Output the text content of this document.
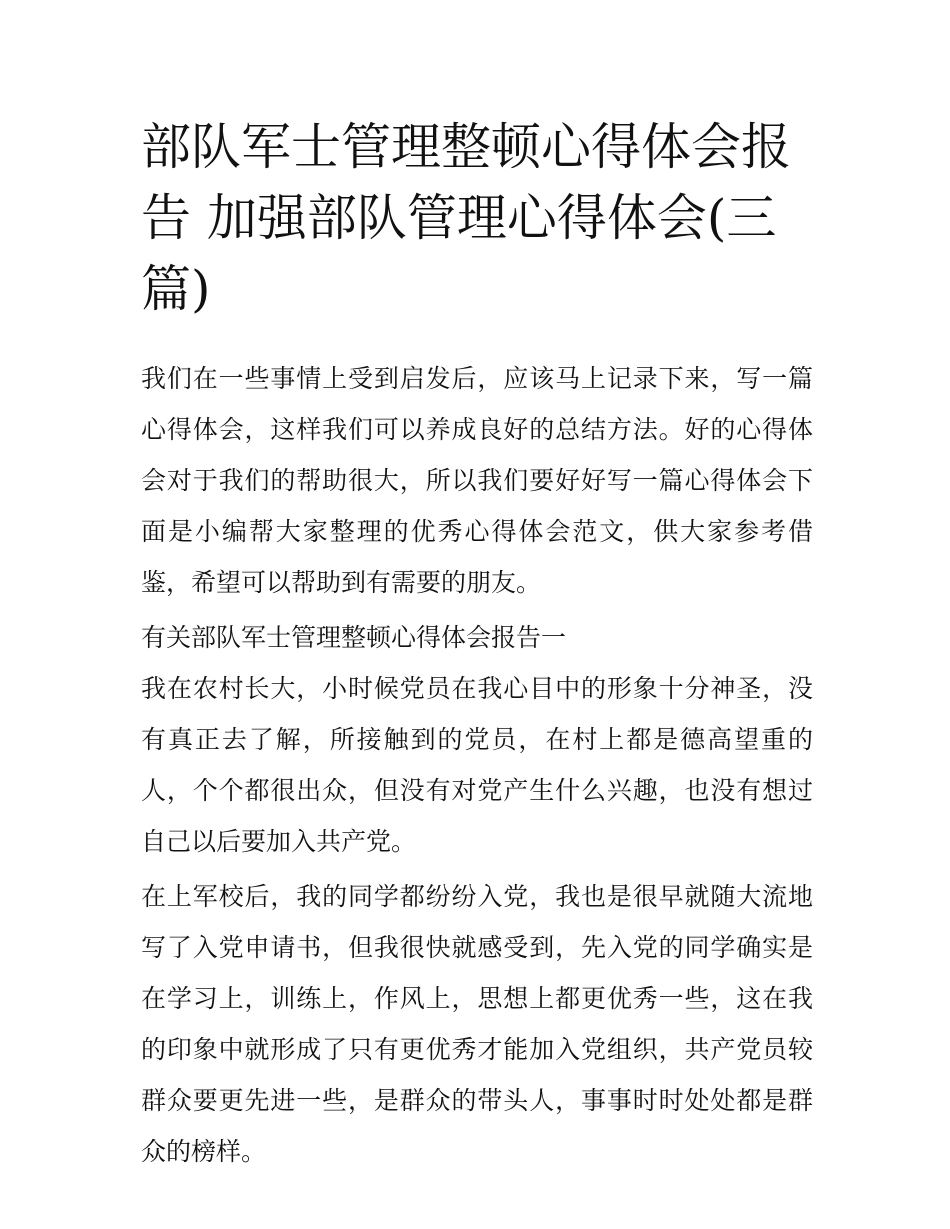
部队军士管理整顿心得体会报告 加强部队管理心得体会(三篇)

我们在一些事情上受到启发后，应该马上记录下来，写一篇心得体会，这样我们可以养成良好的总结方法。好的心得体会对于我们的帮助很大，所以我们要好好写一篇心得体会下面是小编帮大家整理的优秀心得体会范文，供大家参考借鉴，希望可以帮助到有需要的朋友。

有关部队军士管理整顿心得体会报告一

我在农村长大，小时候党员在我心目中的形象十分神圣，没有真正去了解，所接触到的党员，在村上都是德高望重的人，个个都很出众，但没有对党产生什么兴趣，也没有想过自己以后要加入共产党。

在上军校后，我的同学都纷纷入党，我也是很早就随大流地写了入党申请书，但我很快就感受到，先入党的同学确实是在学习上，训练上，作风上，思想上都更优秀一些，这在我的印象中就形成了只有更优秀才能加入党组织，共产党员较群众要更先进一些，是群众的带头人，事事时时处处都是群众的榜样。
